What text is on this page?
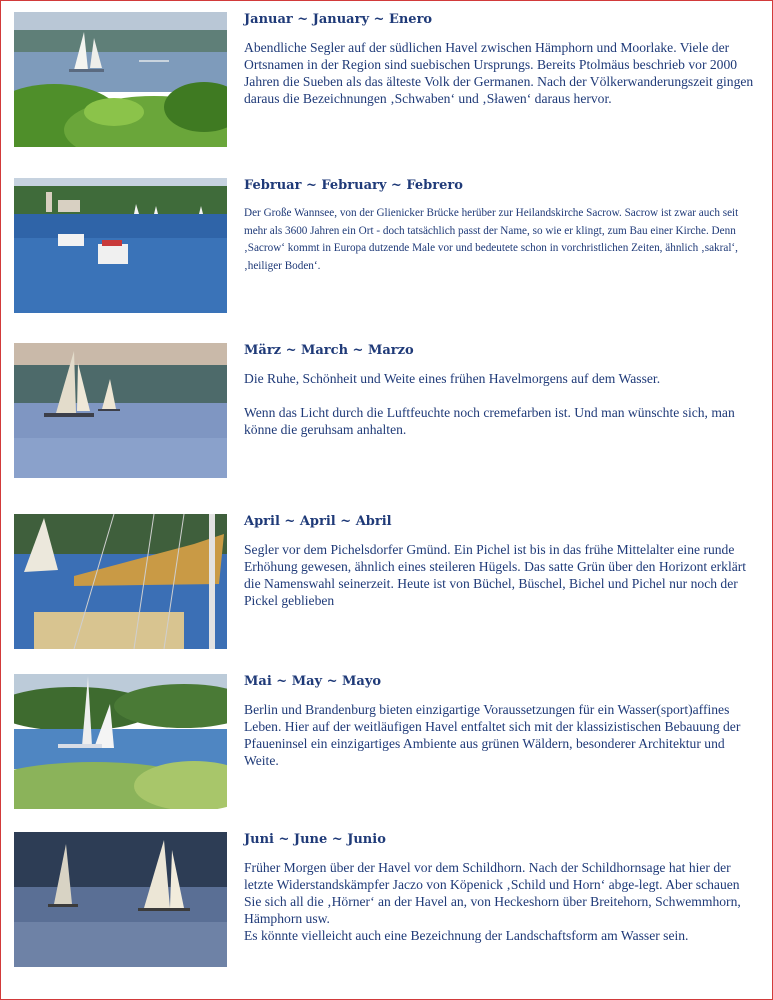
Januar ~ January ~ Enero

Abendliche Segler auf der südlichen Havel zwischen Hämphorn und Moorlake. Viele der Ortsnamen in der Region sind suebischen Ursprungs. Bereits Ptolmäus beschrieb vor 2000 Jahren die Sueben als das älteste Volk der Germanen. Nach der Völkerwanderungszeit gingen daraus die Bezeichnungen ‚Schwaben‘ und ‚Sławen‘ daraus hervor.

Februar ~ February ~ Febrero

Der Große Wannsee, von der Glienicker Brücke herüber zur Heilandskirche Sacrow. Sacrow ist zwar auch seit mehr als 3600 Jahren ein Ort - doch tatsächlich passt der Name, so wie er klingt, zum Bau einer Kirche. Denn ‚Sacrow‘ kommt in Europa dutzende Male vor und bedeutete schon in vorchristlichen Zeiten, ähnlich ‚sakral‘, ‚heiliger Boden‘.

März ~ March ~ Marzo

Die Ruhe, Schönheit und Weite eines frühen Havelmorgens auf dem Wasser.

Wenn das Licht durch die Luftfeuchte noch cremefarben ist. Und man wünschte sich, man könne die geruhsam anhalten.

April ~ April ~ Abril

Segler vor dem Pichelsdorfer Gmünd. Ein Pichel ist bis in das frühe Mittelalter eine runde Erhöhung gewesen, ähnlich eines steileren Hügels. Das satte Grün über den Horizont erklärt die Namenswahl seinerzeit. Heute ist von Büchel, Büschel, Bichel und Pichel nur noch der Pickel geblieben

Mai ~ May ~ Mayo

Berlin und Brandenburg bieten einzigartige Voraussetzungen für ein Wasser(sport)affines Leben. Hier auf der weitläufigen Havel entfaltet sich mit der klassizistischen Bebauung der Pfaueninsel ein einzigartiges Ambiente aus grünen Wäldern, besonderer Architektur und Weite.

Juni ~ June ~ Junio

Früher Morgen über der Havel vor dem Schildhorn. Nach der Schildhornsage hat hier der letzte Widerstandskämpfer Jaczo von Köpenick ‚Schild und Horn‘ abge-legt. Aber schauen Sie sich all die ‚Hörner‘ an der Havel an, von Heckeshorn über Breitehorn, Schwemmhorn, Hämphorn usw.

Es könnte vielleicht auch eine Bezeichnung der Landschaftsform am Wasser sein.
